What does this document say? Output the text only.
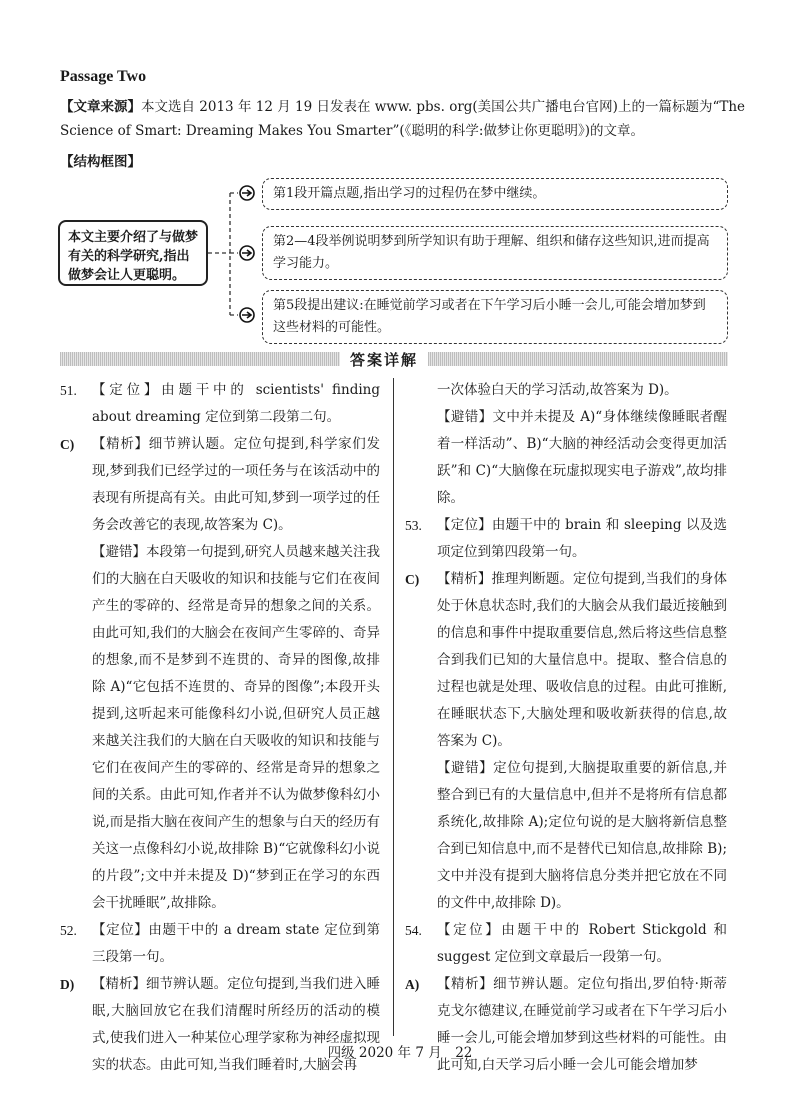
Passage Two
【文章来源】本文选自 2013 年 12 月 19 日发表在 www. pbs. org(美国公共广播电台官网)上的一篇标题为“The Science of Smart: Dreaming Makes You Smarter”(《聪明的科学:做梦让你更聪明》)的文章。
【结构框图】
本文主要介绍了与做梦有关的科学研究,指出做梦会让人更聪明。
第1段开篇点题,指出学习的过程仍在梦中继续。
第2—4段举例说明梦到所学知识有助于理解、组织和储存这些知识,进而提高学习能力。
第5段提出建议:在睡觉前学习或者在下午学习后小睡一会儿,可能会增加梦到这些材料的可能性。
答案详解
51. 【定位】由题干中的 scientists' finding about dreaming 定位到第二段第二句。
C) 【精析】细节辨认题。定位句提到,科学家们发现,梦到我们已经学过的一项任务与在该活动中的表现有所提高有关。由此可知,梦到一项学过的任务会改善它的表现,故答案为 C)。
【避错】本段第一句提到,研究人员越来越关注我们的大脑在白天吸收的知识和技能与它们在夜间产生的零碎的、经常是奇异的想象之间的关系。由此可知,我们的大脑会在夜间产生零碎的、奇异的想象,而不是梦到不连贯的、奇异的图像,故排除 A)“它包括不连贯的、奇异的图像”;本段开头提到,这听起来可能像科幻小说,但研究人员正越来越关注我们的大脑在白天吸收的知识和技能与它们在夜间产生的零碎的、经常是奇异的想象之间的关系。由此可知,作者并不认为做梦像科幻小说,而是指大脑在夜间产生的想象与白天的经历有关这一点像科幻小说,故排除 B)“它就像科幻小说的片段”;文中并未提及 D)“梦到正在学习的东西会干扰睡眠”,故排除。
52. 【定位】由题干中的 a dream state 定位到第三段第一句。
D) 【精析】细节辨认题。定位句提到,当我们进入睡眠,大脑回放它在我们清醒时所经历的活动的模式,使我们进入一种某位心理学家称为神经虚拟现实的状态。由此可知,当我们睡着时,大脑会再
一次体验白天的学习活动,故答案为 D)。
【避错】文中并未提及 A)“身体继续像睡眠者醒着一样活动”、B)“大脑的神经活动会变得更加活跃”和 C)“大脑像在玩虚拟现实电子游戏”,故均排除。
53. 【定位】由题干中的 brain 和 sleeping 以及选项定位到第四段第一句。
C) 【精析】推理判断题。定位句提到,当我们的身体处于休息状态时,我们的大脑会从我们最近接触到的信息和事件中提取重要信息,然后将这些信息整合到我们已知的大量信息中。提取、整合信息的过程也就是处理、吸收信息的过程。由此可推断,在睡眠状态下,大脑处理和吸收新获得的信息,故答案为 C)。
【避错】定位句提到,大脑提取重要的新信息,并整合到已有的大量信息中,但并不是将所有信息都系统化,故排除 A);定位句说的是大脑将新信息整合到已知信息中,而不是替代已知信息,故排除 B);文中并没有提到大脑将信息分类并把它放在不同的文件中,故排除 D)。
54. 【定位】由题干中的 Robert Stickgold 和 suggest 定位到文章最后一段第一句。
A) 【精析】细节辨认题。定位句指出,罗伯特·斯蒂克戈尔德建议,在睡觉前学习或者在下午学习后小睡一会儿,可能会增加梦到这些材料的可能性。由此可知,白天学习后小睡一会儿可能会增加梦
四级 2020 年 7 月　22
